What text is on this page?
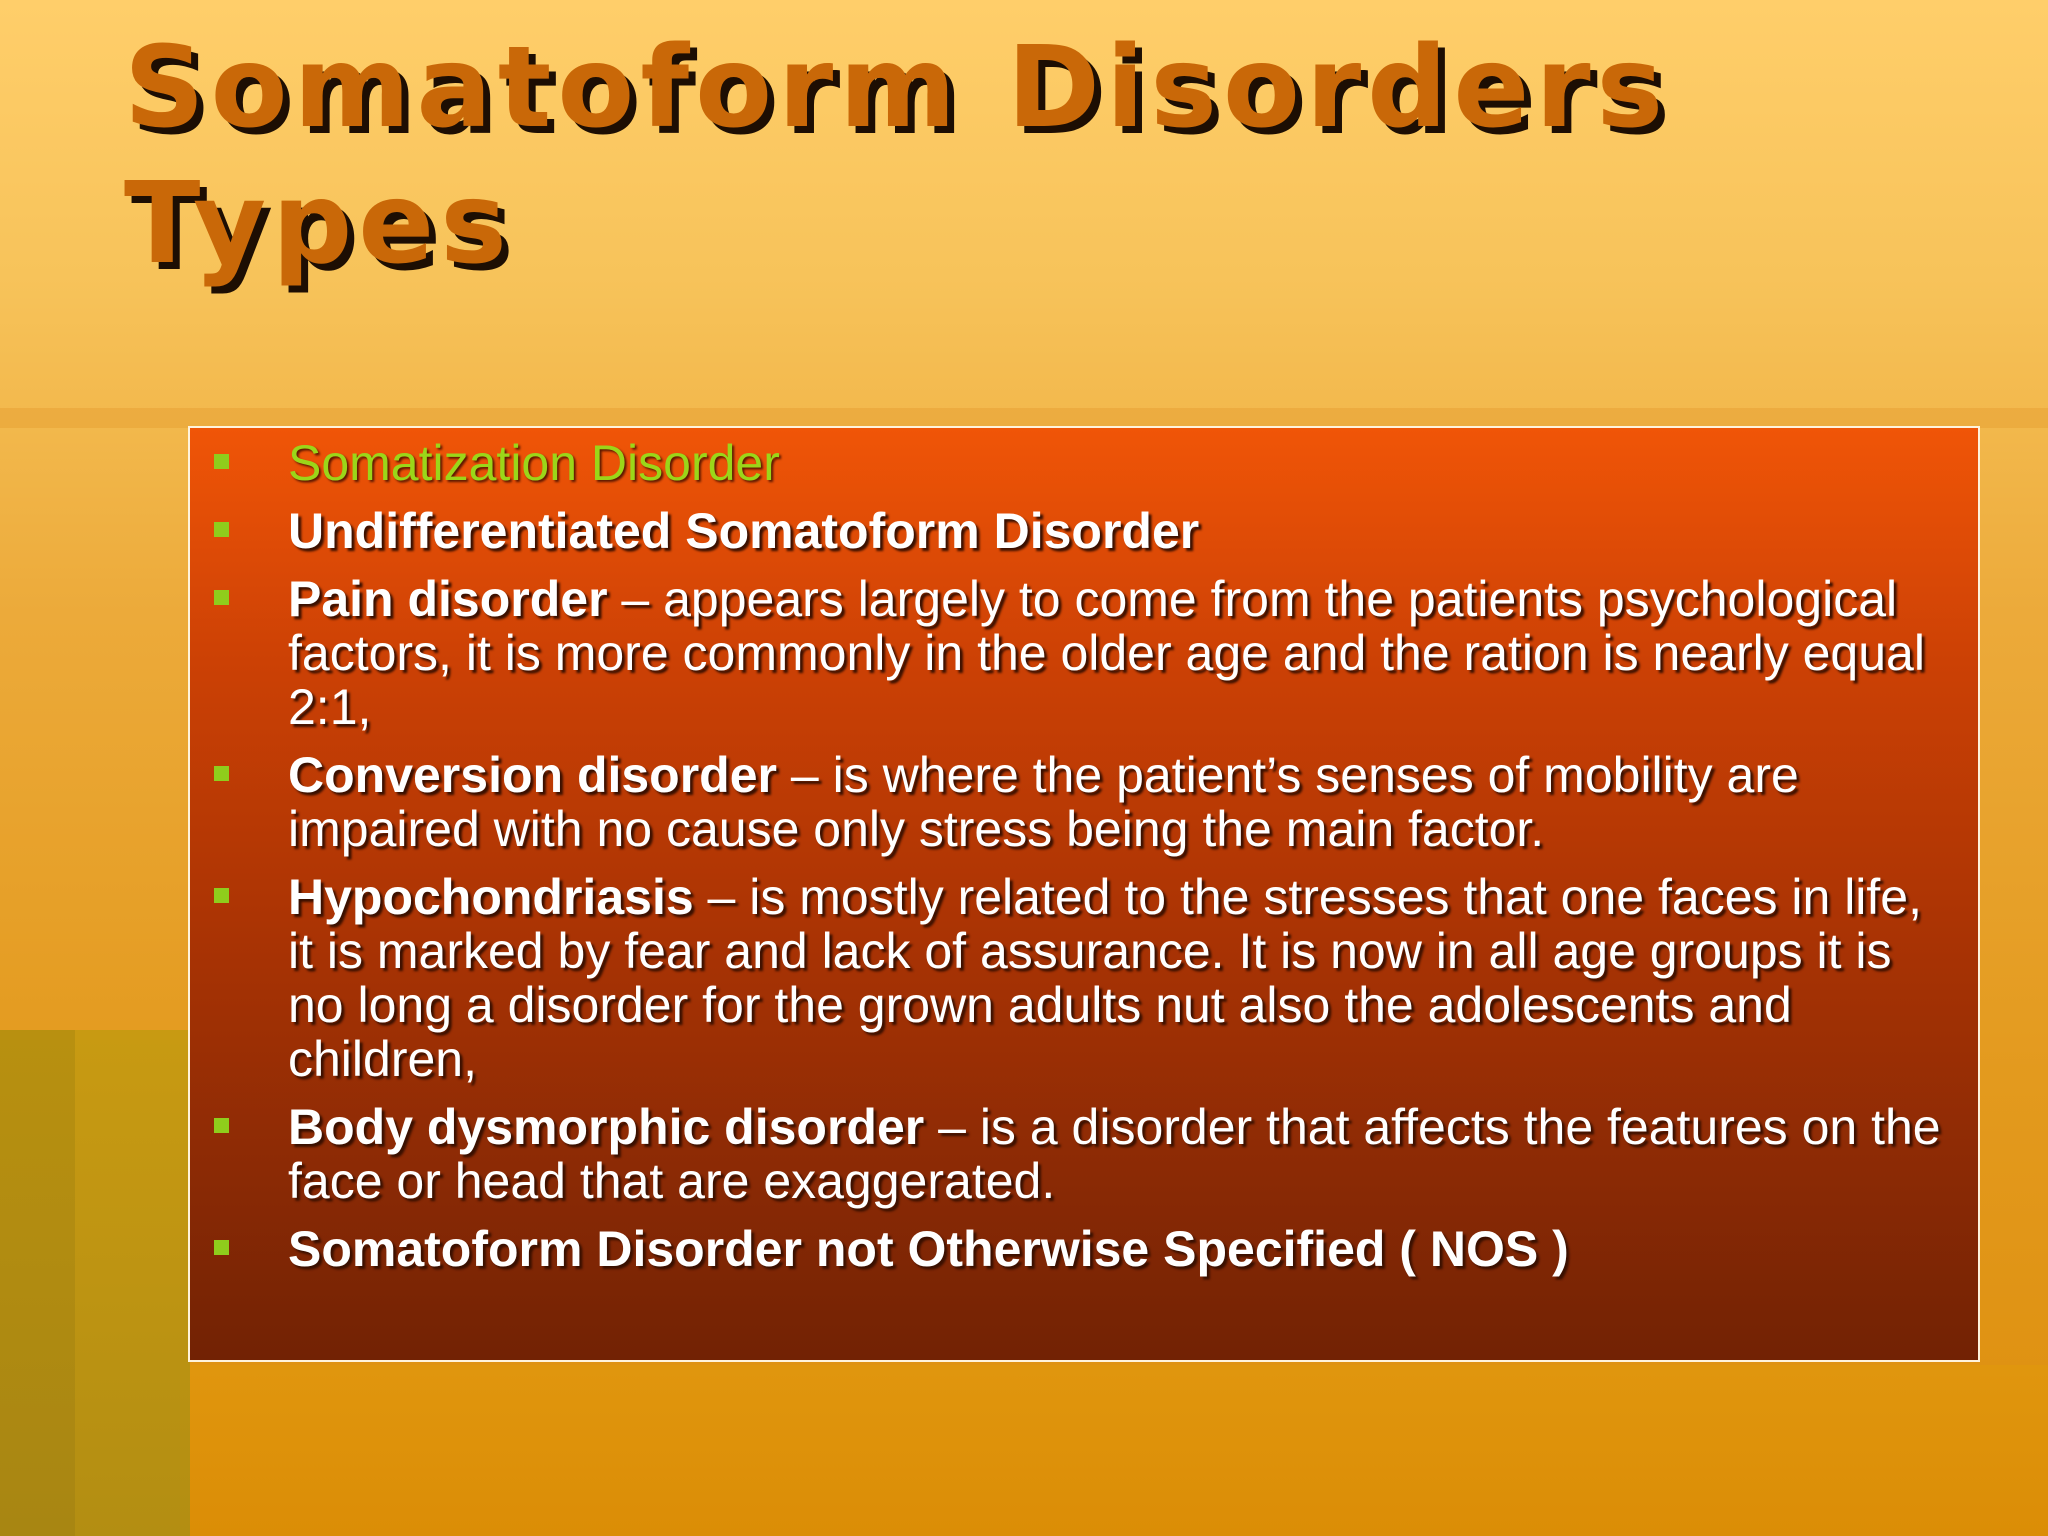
Somatoform Disorders
Types
Somatization Disorder
Undifferentiated Somatoform Disorder
Pain disorder – appears largely to come from the patients psychological factors, it is more commonly in the older age and the ration is nearly equal 2:1,
Conversion disorder – is where the patient’s senses of mobility are impaired with no cause only stress being the main factor.
Hypochondriasis – is mostly related to the stresses that one faces in life, it is marked by fear and lack of assurance. It is now in all age groups it is no long a disorder for the grown adults nut also the adolescents and children,
Body dysmorphic disorder – is a disorder that affects the features on the face or head that are exaggerated.
Somatoform Disorder not Otherwise Specified ( NOS )
